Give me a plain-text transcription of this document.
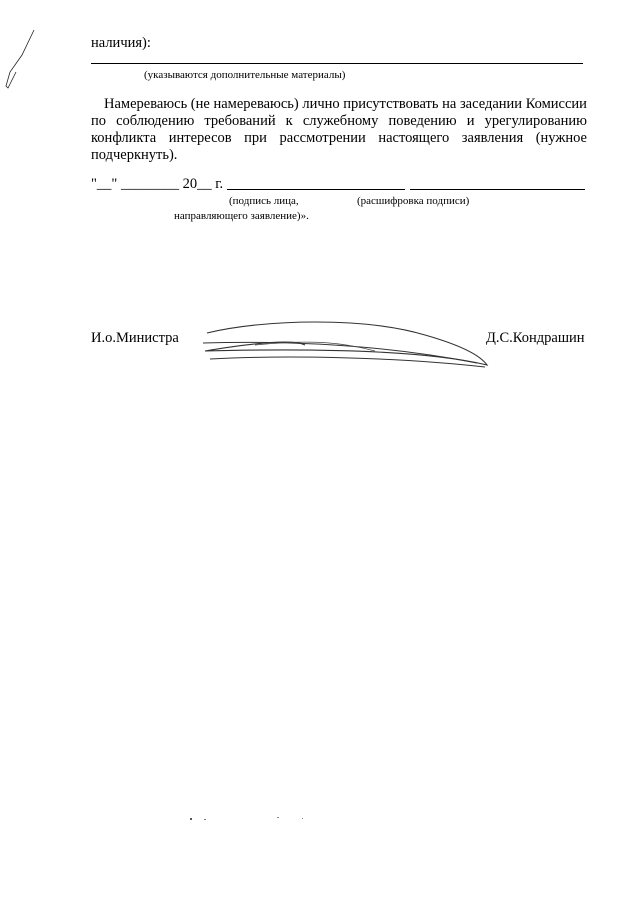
наличия):
(указываются дополнительные материалы)
Намереваюсь (не намереваюсь) лично присутствовать на заседании Комиссии
по соблюдению требований к служебному поведению и урегулированию
конфликта интересов при рассмотрении настоящего заявления (нужное
подчеркнуть).
"__" ________ 20__ г.
(подпись лица,	(расшифровка подписи)
направляющего заявление)».
И.о.Министра	Д.С.Кондрашин
